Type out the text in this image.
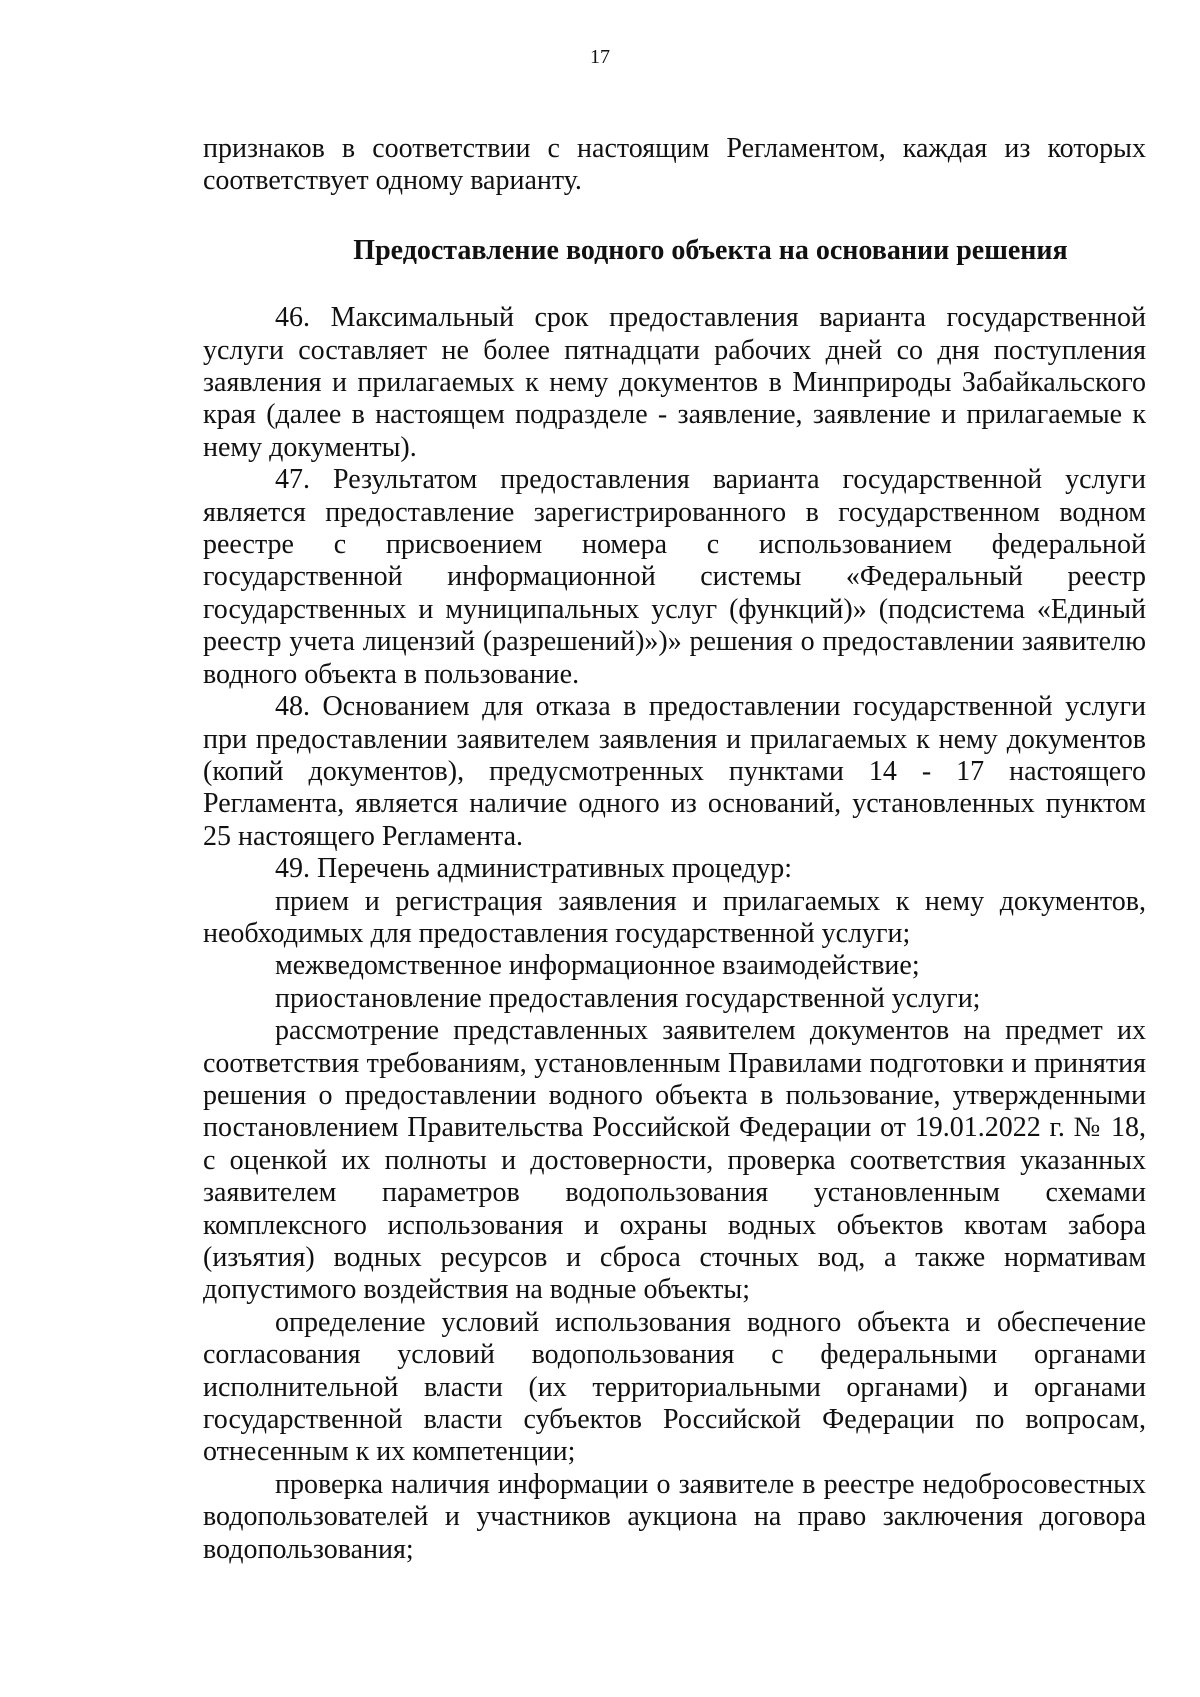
17

признаков в соответствии с настоящим Регламентом, каждая из которых соответствует одному варианту.

Предоставление водного объекта на основании решения

46. Максимальный срок предоставления варианта государственной услуги составляет не более пятнадцати рабочих дней со дня поступления заявления и прилагаемых к нему документов в Минприроды Забайкальского края (далее в настоящем подразделе - заявление, заявление и прилагаемые к нему документы).

47. Результатом предоставления варианта государственной услуги является предоставление зарегистрированного в государственном водном реестре с присвоением номера с использованием федеральной государственной информационной системы «Федеральный реестр государственных и муниципальных услуг (функций)» (подсистема «Единый реестр учета лицензий (разрешений)»)» решения о предоставлении заявителю водного объекта в пользование.

48. Основанием для отказа в предоставлении государственной услуги при предоставлении заявителем заявления и прилагаемых к нему документов (копий документов), предусмотренных пунктами 14 - 17 настоящего Регламента, является наличие одного из оснований, установленных пунктом 25 настоящего Регламента.

49. Перечень административных процедур:

прием и регистрация заявления и прилагаемых к нему документов, необходимых для предоставления государственной услуги;

межведомственное информационное взаимодействие;

приостановление предоставления государственной услуги;

рассмотрение представленных заявителем документов на предмет их соответствия требованиям, установленным Правилами подготовки и принятия решения о предоставлении водного объекта в пользование, утвержденными постановлением Правительства Российской Федерации от 19.01.2022 г. № 18, с оценкой их полноты и достоверности, проверка соответствия указанных заявителем параметров водопользования установленным схемами комплексного использования и охраны водных объектов квотам забора (изъятия) водных ресурсов и сброса сточных вод, а также нормативам допустимого воздействия на водные объекты;

определение условий использования водного объекта и обеспечение согласования условий водопользования с федеральными органами исполнительной власти (их территориальными органами) и органами государственной власти субъектов Российской Федерации по вопросам, отнесенным к их компетенции;

проверка наличия информации о заявителе в реестре недобросовестных водопользователей и участников аукциона на право заключения договора водопользования;
